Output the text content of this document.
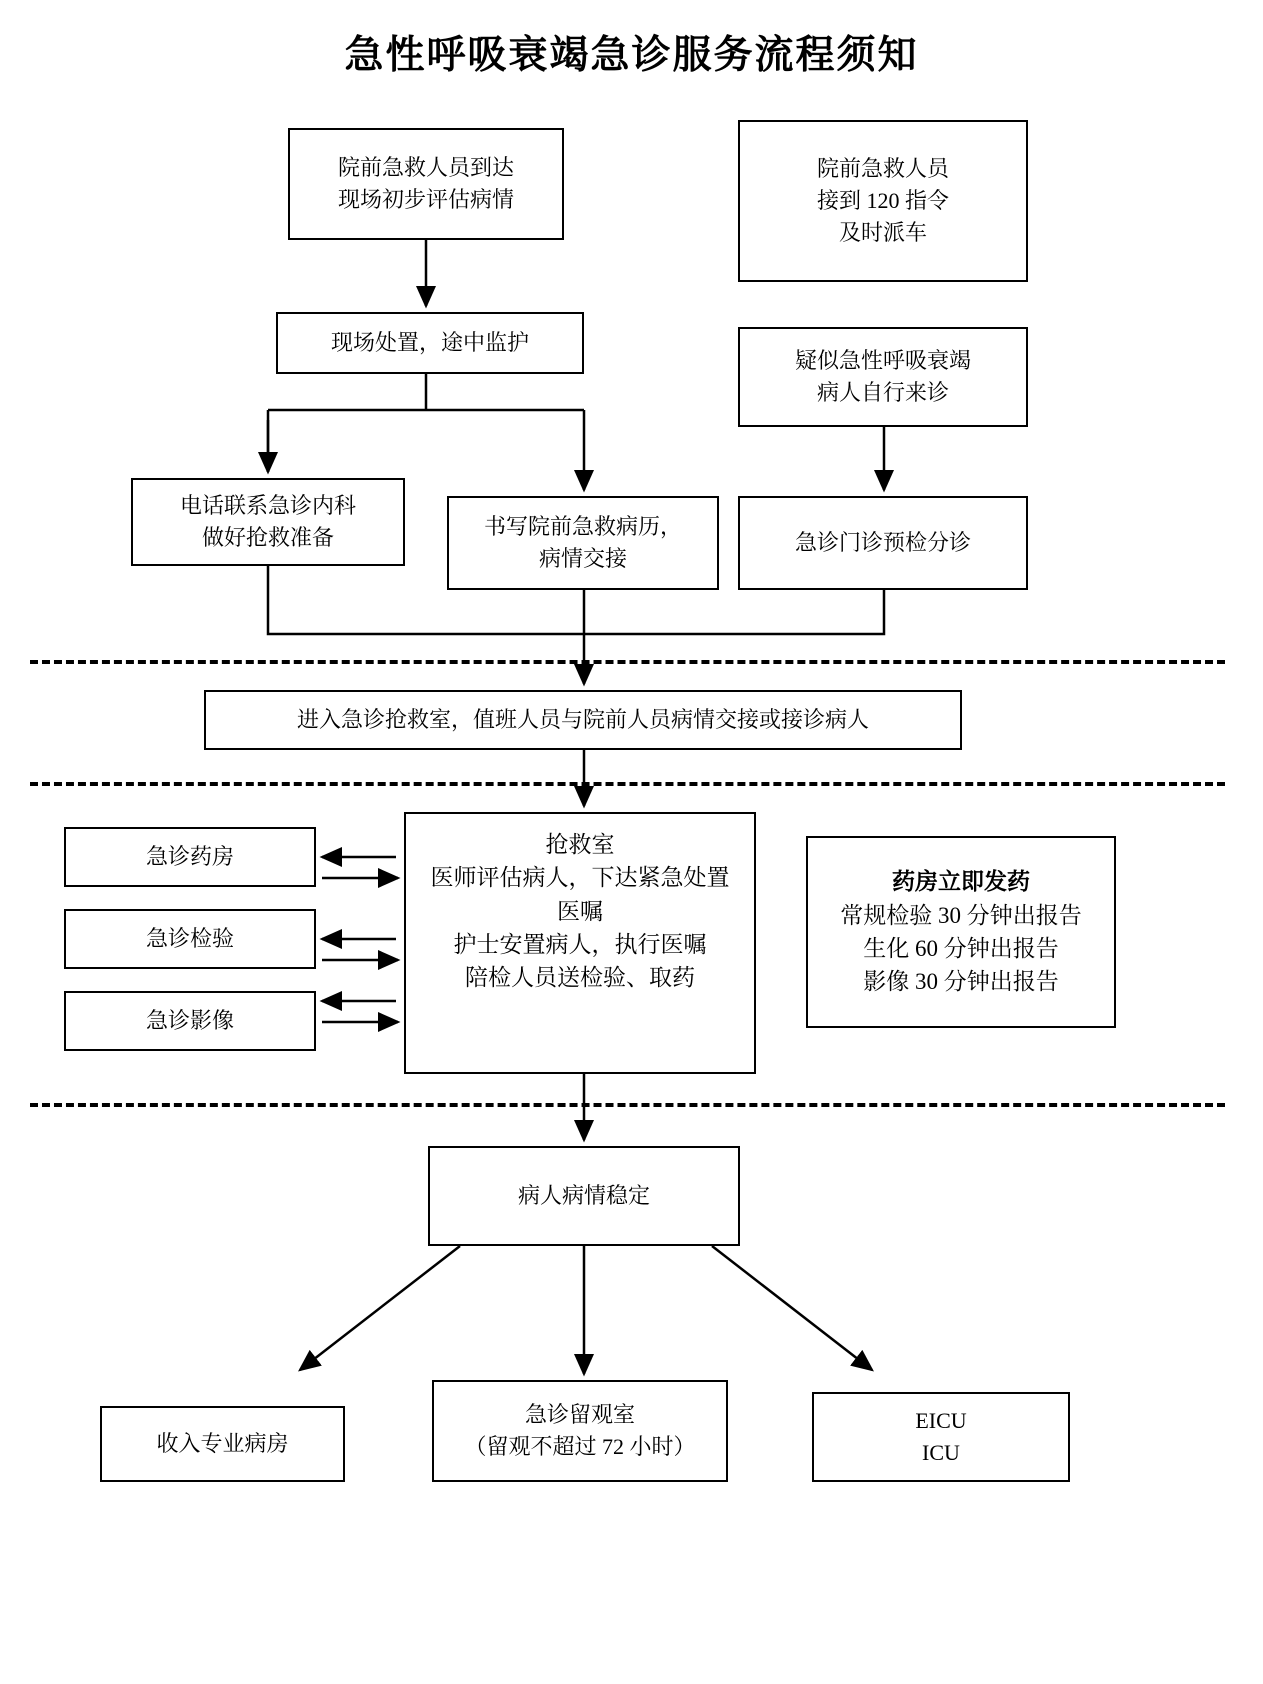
急性呼吸衰竭急诊服务流程须知
院前急救人员到达
现场初步评估病情
院前急救人员
接到 120 指令
及时派车
现场处置，途中监护
疑似急性呼吸衰竭
病人自行来诊
电话联系急诊内科
做好抢救准备	书写院前急救病历，
病情交接
急诊门诊预检分诊
进入急诊抢救室，值班人员与院前人员病情交接或接诊病人
急诊药房
急诊检验
急诊影像
抢救室
医师评估病人，下达紧急处置
医嘱
护士安置病人，执行医嘱
陪检人员送检验、取药
药房立即发药
常规检验 30 分钟出报告
生化 60 分钟出报告
影像 30 分钟出报告
病人病情稳定
收入专业病房
急诊留观室
（留观不超过 72 小时）
EICU
ICU
